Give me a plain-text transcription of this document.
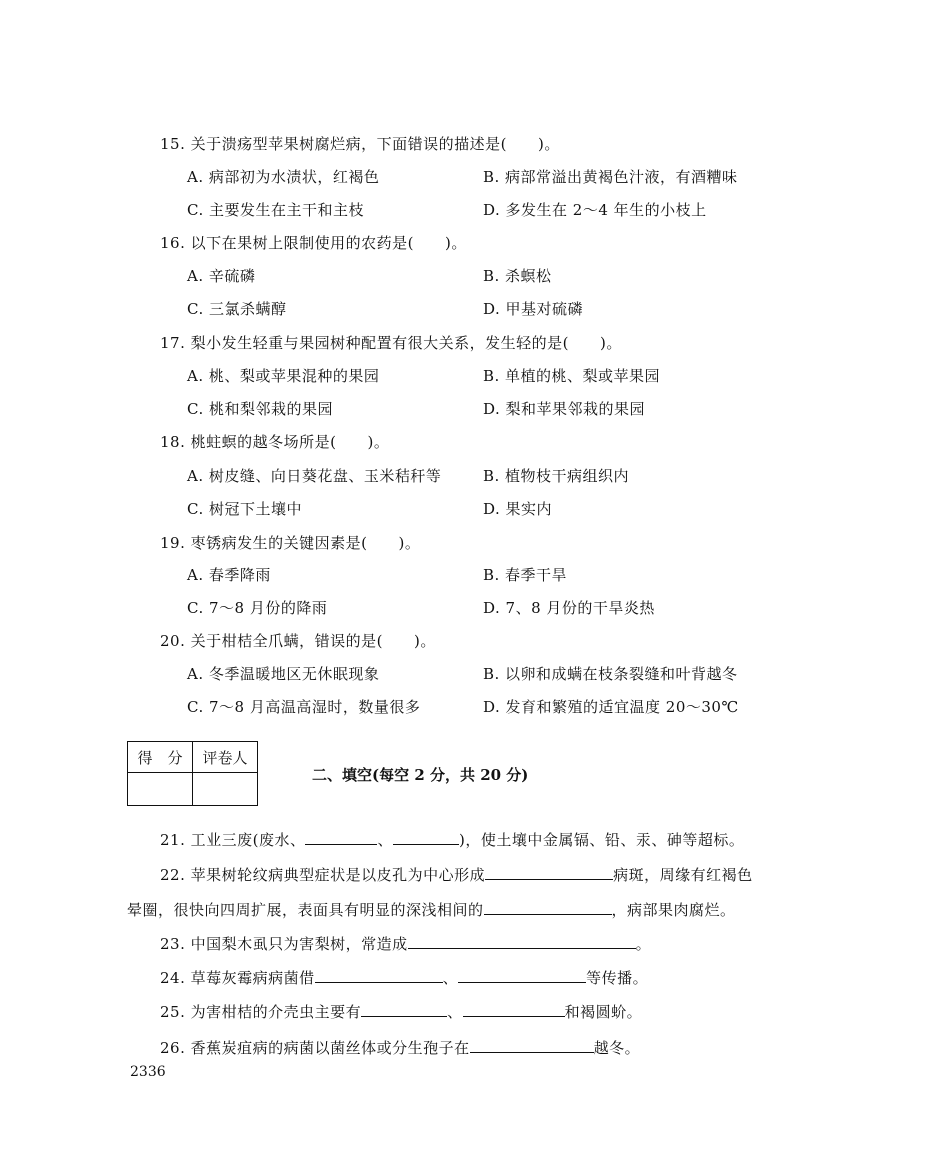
15. 关于溃疡型苹果树腐烂病，下面错误的描述是(　　)。
A. 病部初为水渍状，红褐色	B. 病部常溢出黄褐色汁液，有酒糟味
C. 主要发生在主干和主枝	D. 多发生在 2～4 年生的小枝上
16. 以下在果树上限制使用的农药是(　　)。
A. 辛硫磷	B. 杀螟松
C. 三氯杀螨醇	D. 甲基对硫磷
17. 梨小发生轻重与果园树种配置有很大关系，发生轻的是(　　)。
A. 桃、梨或苹果混种的果园	B. 单植的桃、梨或苹果园
C. 桃和梨邻栽的果园	D. 梨和苹果邻栽的果园
18. 桃蛀螟的越冬场所是(　　)。
A. 树皮缝、向日葵花盘、玉米秸秆等	B. 植物枝干病组织内
C. 树冠下土壤中	D. 果实内
19. 枣锈病发生的关键因素是(　　)。
A. 春季降雨	B. 春季干旱
C. 7～8 月份的降雨	D. 7、8 月份的干旱炎热
20. 关于柑桔全爪螨，错误的是(　　)。
A. 冬季温暖地区无休眠现象	B. 以卵和成螨在枝条裂缝和叶背越冬
C. 7～8 月高温高湿时，数量很多	D. 发育和繁殖的适宜温度 20～30℃
得　分	评卷人

二、填空(每空 2 分，共 20 分)
21. 工业三废(废水、	、	)，使土壤中金属镉、铅、汞、砷等超标。
22. 苹果树轮纹病典型症状是以皮孔为中心形成	病斑，周缘有红褐色
晕圈，很快向四周扩展，表面具有明显的深浅相间的	，病部果肉腐烂。
23. 中国梨木虱只为害梨树，常造成	。
24. 草莓灰霉病病菌借	、	等传播。
25. 为害柑桔的介壳虫主要有	、	和褐圆蚧。
26. 香蕉炭疽病的病菌以菌丝体或分生孢子在	越冬。
2336
